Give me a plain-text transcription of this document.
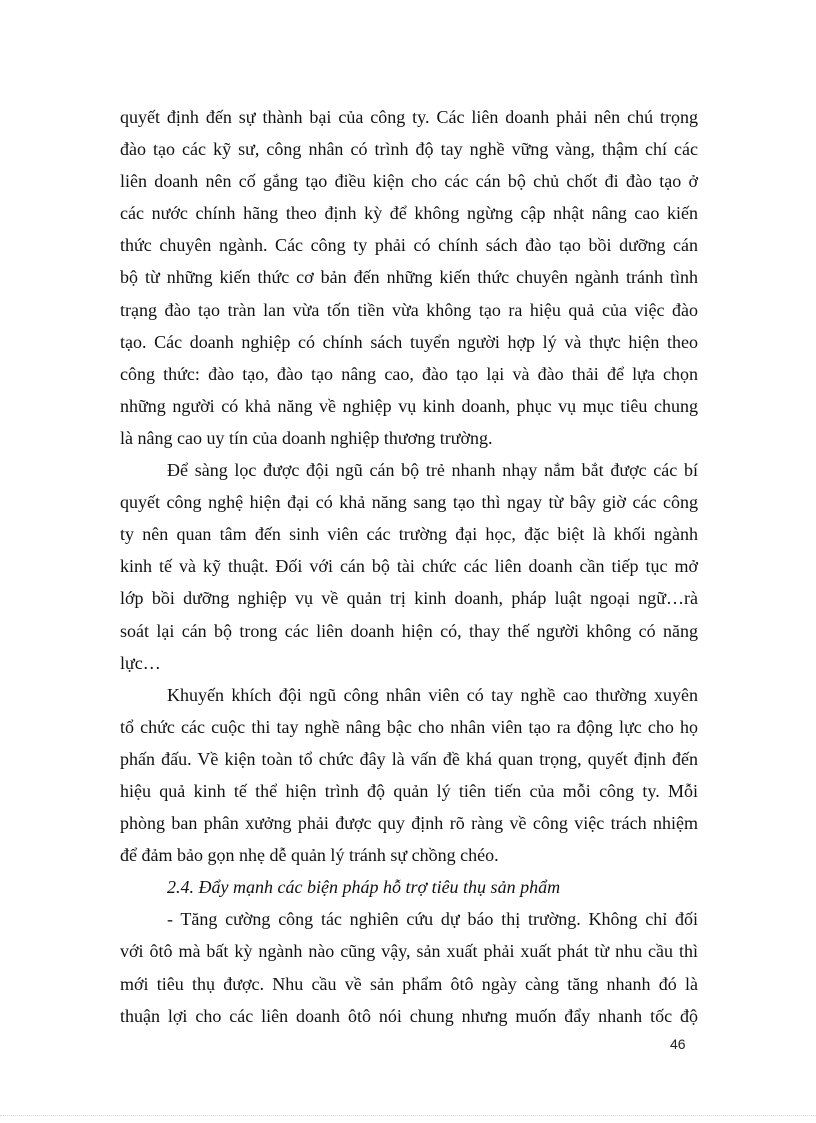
quyết định đến sự thành bại của công ty. Các liên doanh phải nên chú trọng
đào tạo các kỹ sư, công nhân có trình độ tay nghề vững vàng, thậm chí các
liên doanh nên cố gắng tạo điều kiện cho các cán bộ chủ chốt đi đào tạo ở
các nước chính hãng theo định kỳ để không ngừng cập nhật nâng cao kiến
thức chuyên ngành. Các công ty phải có chính sách đào tạo bồi dưỡng cán
bộ từ những kiến thức cơ bản đến những kiến thức chuyên ngành tránh tình
trạng đào tạo tràn lan vừa tốn tiền vừa không tạo ra hiệu quả của việc đào
tạo. Các doanh nghiệp có chính sách tuyển người hợp lý và thực hiện theo
công thức: đào tạo, đào tạo nâng cao, đào tạo lại và đào thải để lựa chọn
những người có khả năng về nghiệp vụ kinh doanh, phục vụ mục tiêu chung
là nâng cao uy tín của doanh nghiệp thương trường.
Để sàng lọc được đội ngũ cán bộ trẻ nhanh nhạy nắm bắt được các bí
quyết công nghệ hiện đại có khả năng sang tạo thì ngay từ bây giờ các công
ty nên quan tâm đến sinh viên các trường đại học, đặc biệt là khối ngành
kinh tế và kỹ thuật. Đối với cán bộ tài chức các liên doanh cần tiếp tục mở
lớp bồi dưỡng nghiệp vụ về quản trị kinh doanh, pháp luật ngoại ngữ…rà
soát lại cán bộ trong các liên doanh hiện có, thay thế người không có năng
lực…
Khuyến khích đội ngũ công nhân viên có tay nghề cao thường xuyên
tổ chức các cuộc thi tay nghề nâng bậc cho nhân viên tạo ra động lực cho họ
phấn đấu. Về kiện toàn tổ chức đây là vấn đề khá quan trọng, quyết định đến
hiệu quả kinh tế thể hiện trình độ quản lý tiên tiến của mỗi công ty. Mỗi
phòng ban phân xưởng phải được quy định rõ ràng về công việc trách nhiệm
để đảm bảo gọn nhẹ dễ quản lý tránh sự chồng chéo.
2.4. Đẩy mạnh các biện pháp hỗ trợ tiêu thụ sản phẩm
- Tăng cường công tác nghiên cứu dự báo thị trường. Không chỉ đối
với ôtô mà bất kỳ ngành nào cũng vậy, sản xuất phải xuất phát từ nhu cầu thì
mới tiêu thụ được. Nhu cầu về sản phẩm ôtô ngày càng tăng nhanh đó là
thuận lợi cho các liên doanh ôtô nói chung nhưng muốn đẩy nhanh tốc độ
46
